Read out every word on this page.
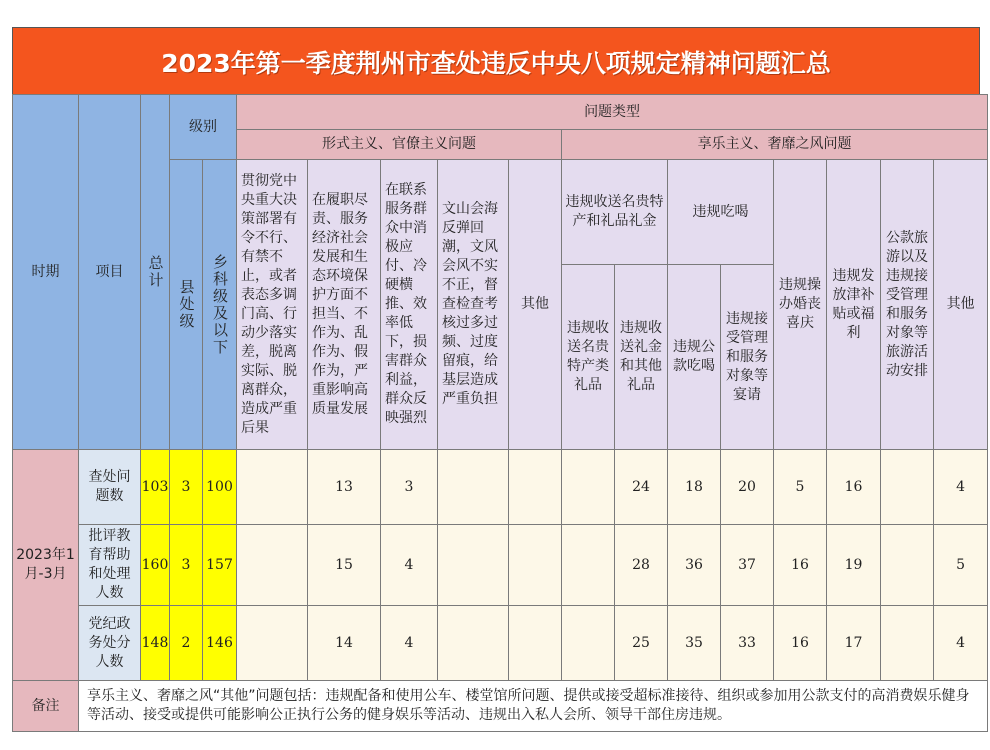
2023年第一季度荆州市查处违反中央八项规定精神问题汇总
时期	项目	总计	级别		问题类型												
					形式主义、官僚主义问题					享乐主义、奢靡之风问题							

			县处级	乡科级及以下	贯彻党中央重大决策部署有令不行、有禁不止，或者表态多调门高、行动少落实差，脱离实际、脱离群众，造成严重后果	在履职尽责、服务经济社会发展和生态环境保护方面不担当、不作为、乱作为、假作为，严重影响高质量发展	在联系服务群众中消极应付、冷硬横推、效率低下，损害群众利益，群众反映强烈	文山会海反弹回潮，文风会风不实不正，督查检查考核过多过频、过度留痕，给基层造成严重负担	其他	违规收送名贵特产和礼品礼金		违规吃喝		违规操办婚丧喜庆	违规发放津补贴或福利	公款旅游以及违规接受管理和服务对象等旅游活动安排	其他

										违规收送名贵特产类礼品	违规收送礼金和其他礼品	违规公款吃喝	违规接受管理和服务对象等宴请				

2023年1月-3月	查处问题数	103	3	100		13	3				24	18	20	5	16		4

	批评教育帮助和处理人数	160	3	157		15	4				28	36	37	16	19		5

	党纪政务处分人数	148	2	146		14	4				25	35	33	16	17		4
备注	享乐主义、奢靡之风“其他”问题包括：违规配备和使用公车、楼堂馆所问题、提供或接受超标准接待、组织或参加用公款支付的高消费娱乐健身等活动、接受或提供可能影响公正执行公务的健身娱乐等活动、违规出入私人会所、领导干部住房违规。																
